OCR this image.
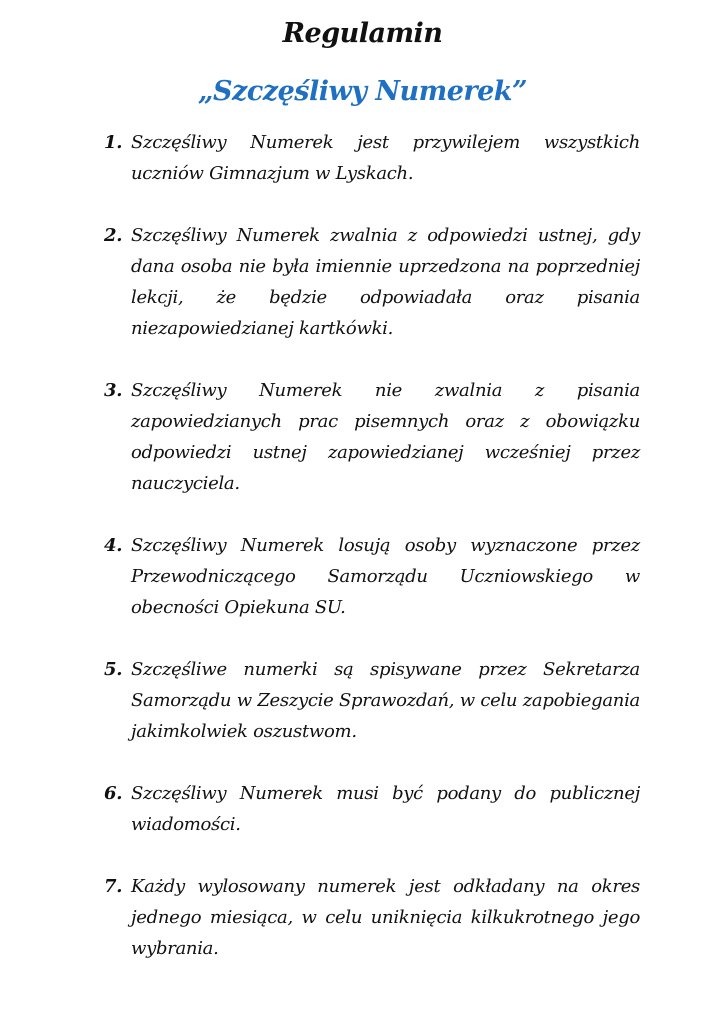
Regulamin
„Szczęśliwy Numerek”
1. Szczęśliwy Numerek jest przywilejem wszystkich uczniów Gimnazjum w Lyskach.
2. Szczęśliwy Numerek zwalnia z odpowiedzi ustnej, gdy dana osoba nie była imiennie uprzedzona na poprzedniej lekcji, że będzie odpowiadała oraz pisania niezapowiedzianej kartkówki.
3. Szczęśliwy Numerek nie zwalnia z pisania zapowiedzianych prac pisemnych oraz z obowiązku odpowiedzi ustnej zapowiedzianej wcześniej przez nauczyciela.
4. Szczęśliwy Numerek losują osoby wyznaczone przez Przewodniczącego Samorządu Uczniowskiego w obecności Opiekuna SU.
5. Szczęśliwe numerki są spisywane przez Sekretarza Samorządu w Zeszycie Sprawozdań, w celu zapobiegania jakimkolwiek oszustwom.
6. Szczęśliwy Numerek musi być podany do publicznej wiadomości.
7. Każdy wylosowany numerek jest odkładany na okres jednego miesiąca, w celu uniknięcia kilkukrotnego jego wybrania.
